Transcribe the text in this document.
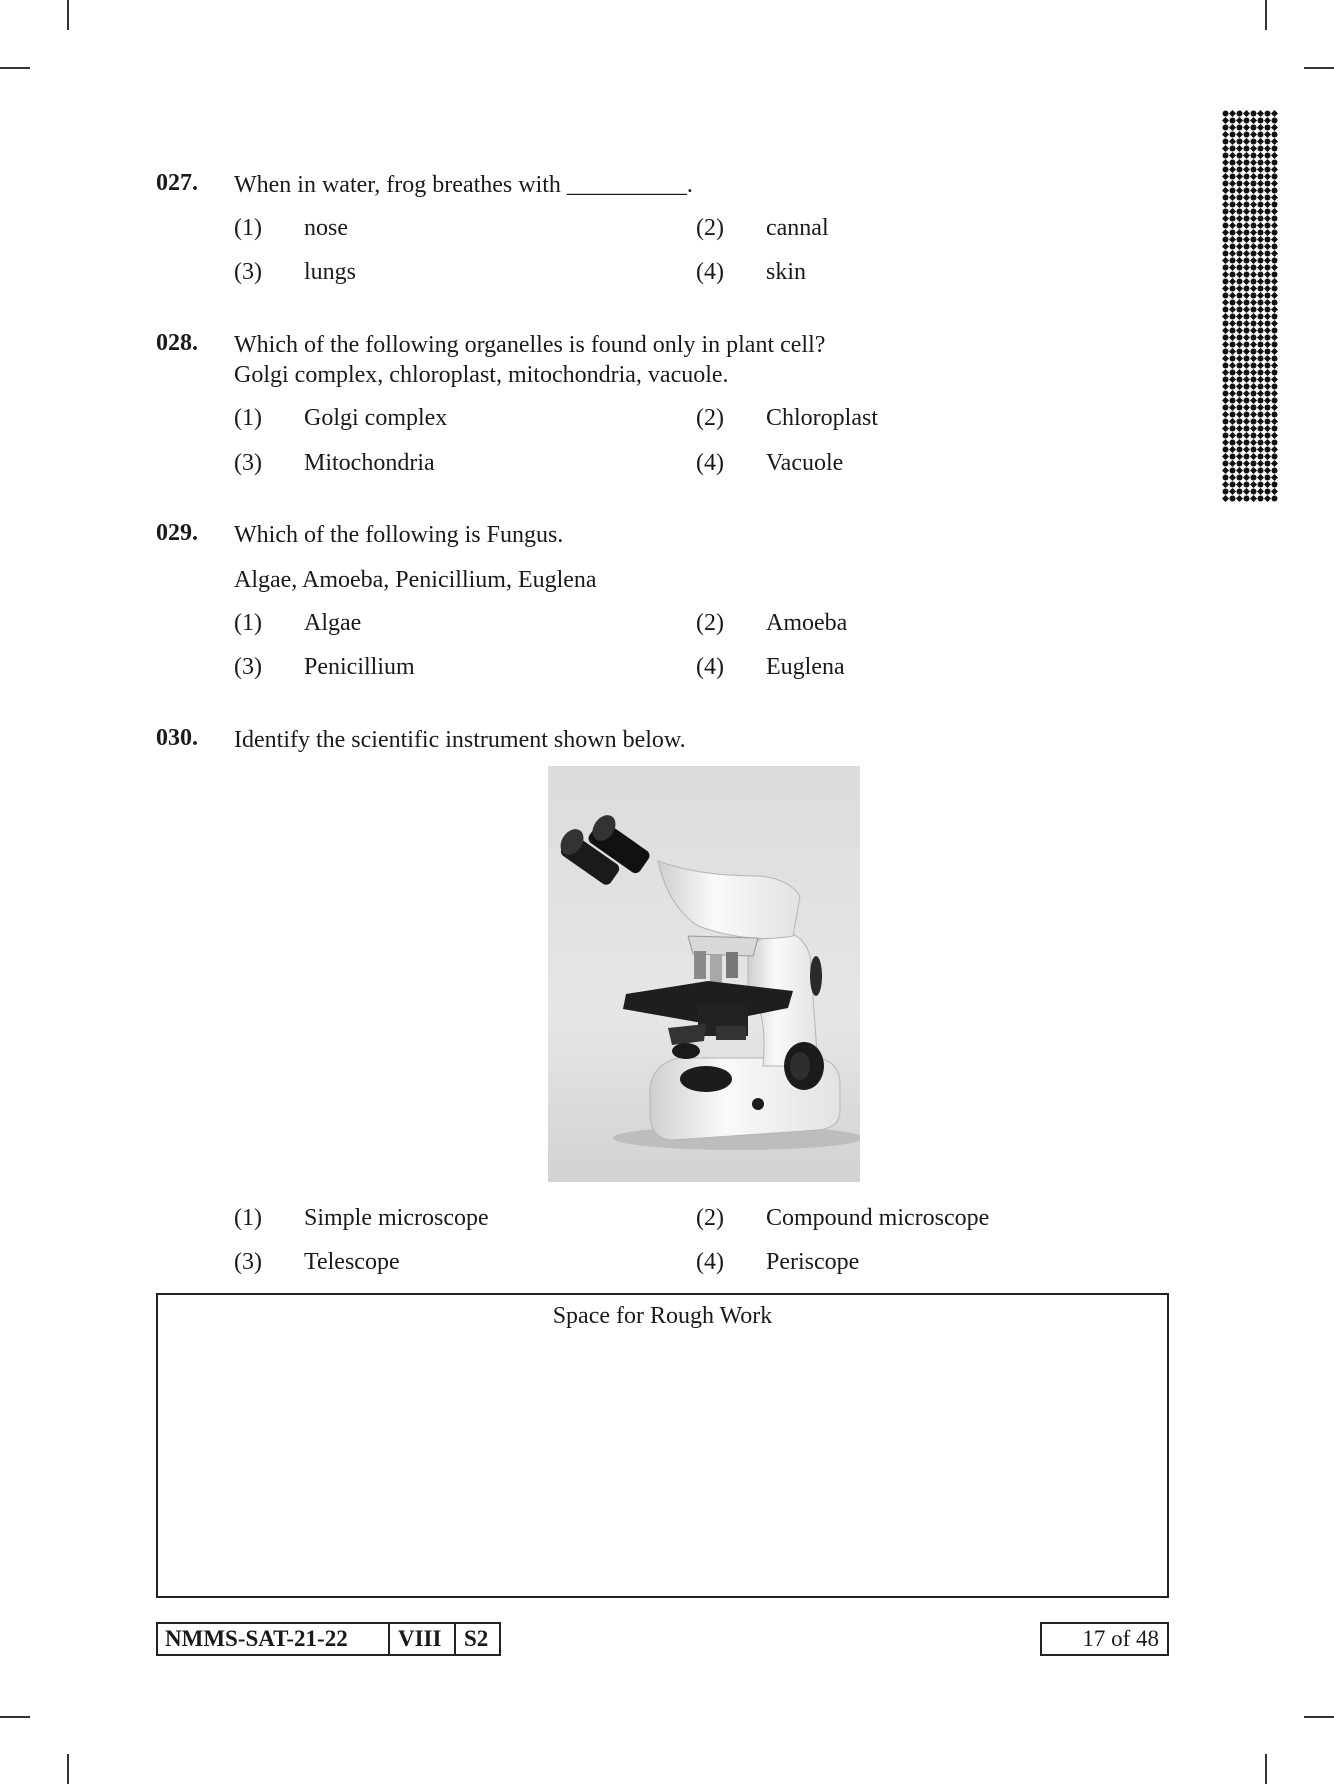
027. When in water, frog breathes with __________.
(1) nose	(2) cannal
(3) lungs	(4) skin
028. Which of the following organelles is found only in plant cell?
Golgi complex, chloroplast, mitochondria, vacuole.
(1) Golgi complex	(2) Chloroplast
(3) Mitochondria	(4) Vacuole
029. Which of the following is Fungus.
Algae, Amoeba, Penicillium, Euglena
(1) Algae	(2) Amoeba
(3) Penicillium	(4) Euglena
030. Identify the scientific instrument shown below.
(1) Simple microscope	(2) Compound microscope
(3) Telescope	(4) Periscope
Space for Rough Work
NMMS-SAT-21-22 VIII S2	17 of 48
